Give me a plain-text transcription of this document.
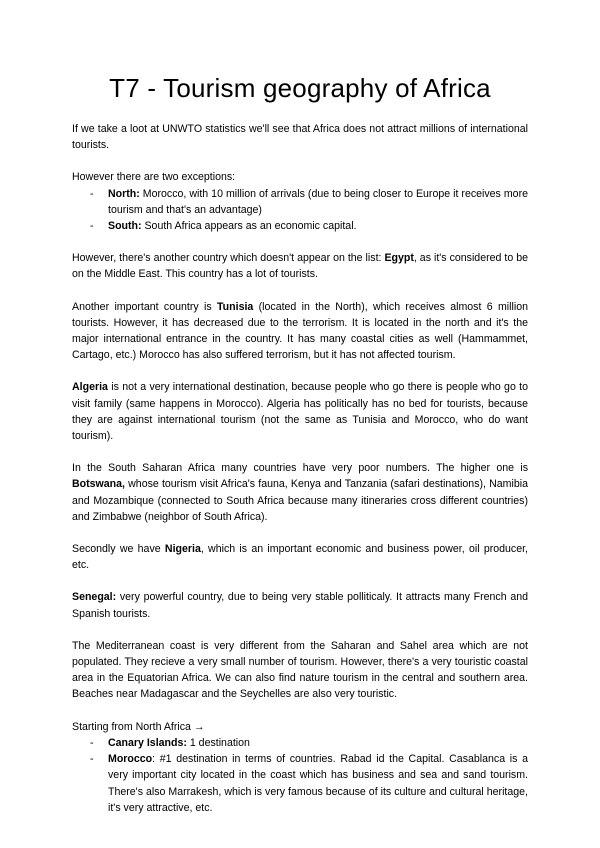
T7 - Tourism geography of Africa

If we take a loot at UNWTO statistics we'll see that Africa does not attract millions of international tourists.

However there are two exceptions:

- North: Morocco, with 10 million of arrivals (due to being closer to Europe it receives more tourism and that's an advantage)
- South: South Africa appears as an economic capital.

However, there's another country which doesn't appear on the list: Egypt, as it's considered to be on the Middle East. This country has a lot of tourists.

Another important country is Tunisia (located in the North), which receives almost 6 million tourists. However, it has decreased due to the terrorism. It is located in the north and it's the major international entrance in the country. It has many coastal cities as well (Hammammet, Cartago, etc.) Morocco has also suffered terrorism, but it has not affected tourism.

Algeria is not a very international destination, because people who go there is people who go to visit family (same happens in Morocco). Algeria has politically has no bed for tourists, because they are against international tourism (not the same as Tunisia and Morocco, who do want tourism).

In the South Saharan Africa many countries have very poor numbers. The higher one is Botswana, whose tourism visit Africa's fauna, Kenya and Tanzania (safari destinations), Namibia and Mozambique (connected to South Africa because many itineraries cross different countries) and Zimbabwe (neighbor of South Africa).

Secondly we have Nigeria, which is an important economic and business power, oil producer, etc.

Senegal: very powerful country, due to being very stable polliticaly. It attracts many French and Spanish tourists.

The Mediterranean coast is very different from the Saharan and Sahel area which are not populated. They recieve a very small number of tourism. However, there's a very touristic coastal area in the Equatorian Africa. We can also find nature tourism in the central and southern area. Beaches near Madagascar and the Seychelles are also very touristic.

Starting from North Africa →

- Canary Islands: 1 destination
- Morocco: #1 destination in terms of countries. Rabad id the Capital. Casablanca is a very important city located in the coast which has business and sea and sand tourism. There's also Marrakesh, which is very famous because of its culture and cultural heritage, it's very attractive, etc.
